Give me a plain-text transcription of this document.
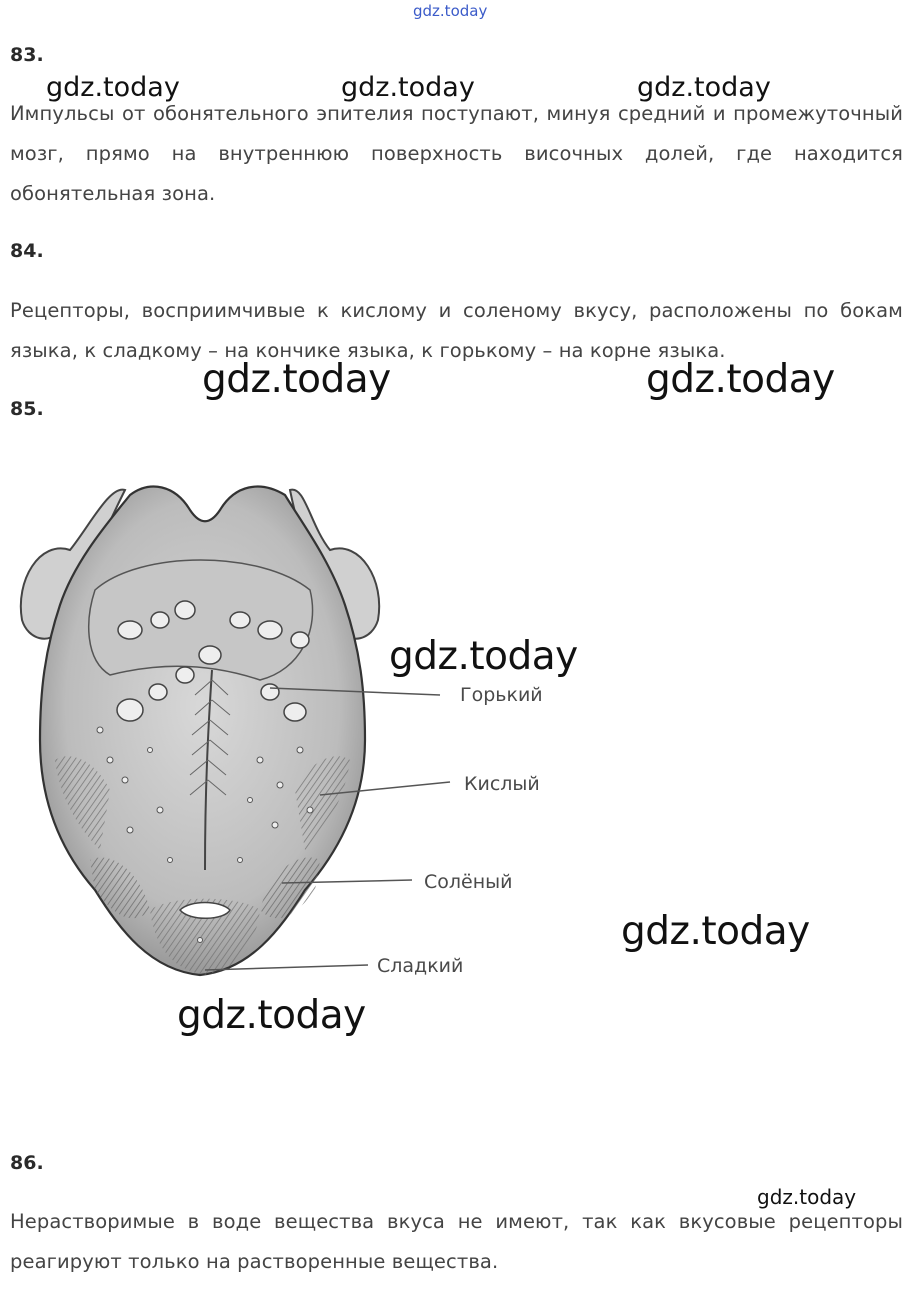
gdz.today
83.
gdz.today	gdz.today	gdz.today
Импульсы от обонятельного эпителия поступают, минуя средний и промежуточный мозг, прямо на внутреннюю поверхность височных долей, где находится обонятельная зона.
84.
Рецепторы, восприимчивые к кислому и соленому вкусу, расположены по бокам языка, к сладкому – на кончике языка, к горькому – на корне языка.
gdz.today	gdz.today
85.
gdz.today
Горький
Кислый
Солёный
Сладкий
gdz.today
gdz.today
86.
gdz.today
Нерастворимые в воде вещества вкуса не имеют, так как вкусовые рецепторы реагируют только на растворенные вещества.
